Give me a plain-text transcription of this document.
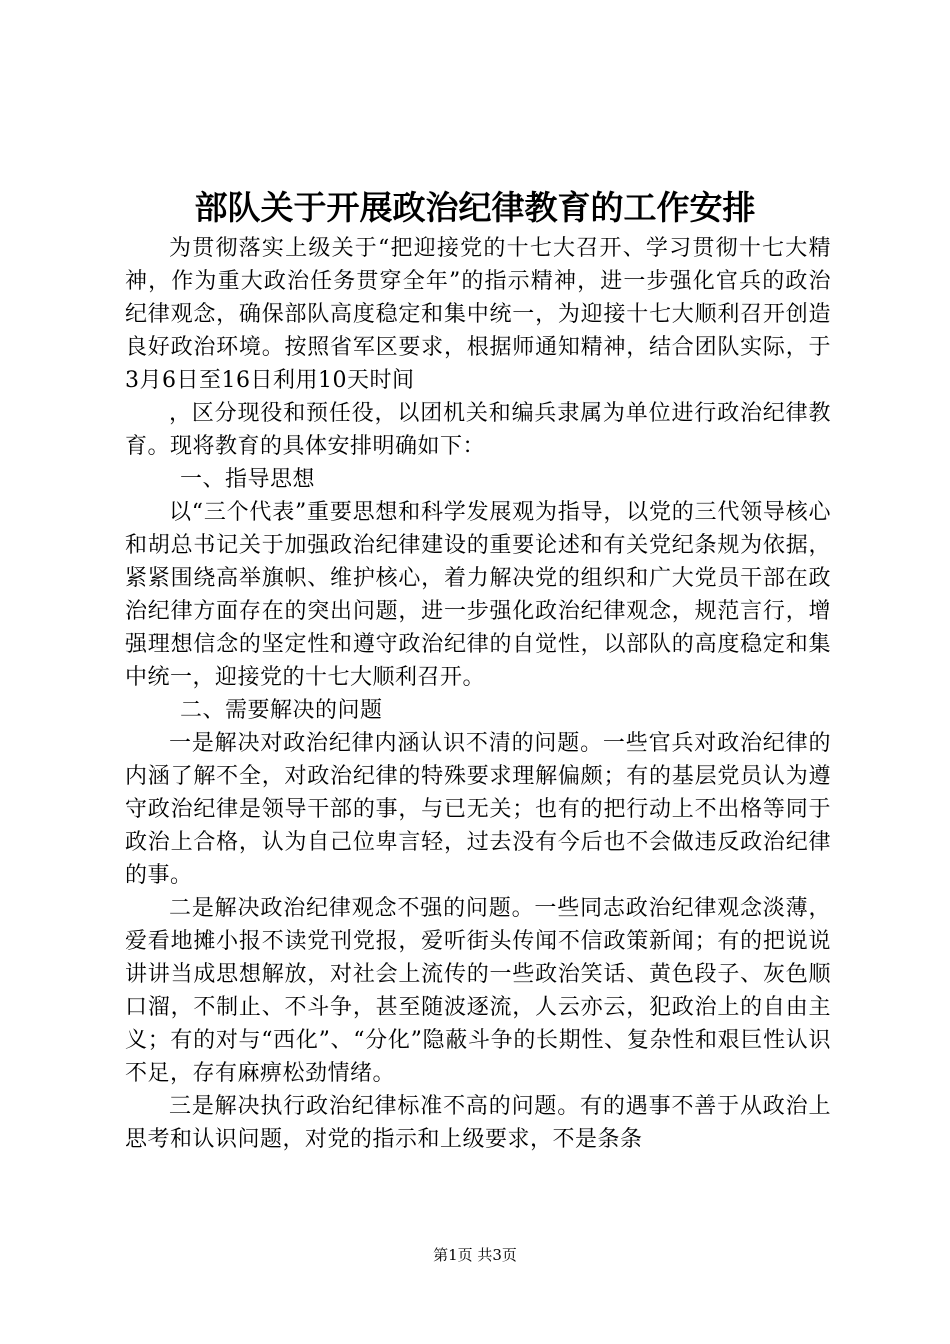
部队关于开展政治纪律教育的工作安排

为贯彻落实上级关于“把迎接党的十七大召开、学习贯彻十七大精神，作为重大政治任务贯穿全年”的指示精神，进一步强化官兵的政治纪律观念，确保部队高度稳定和集中统一，为迎接十七大顺利召开创造良好政治环境。按照省军区要求，根据师通知精神，结合团队实际，于3月6日至16日利用10天时间

，区分现役和预任役，以团机关和编兵隶属为单位进行政治纪律教育。现将教育的具体安排明确如下：

一、指导思想

以“三个代表”重要思想和科学发展观为指导，以党的三代领导核心和胡总书记关于加强政治纪律建设的重要论述和有关党纪条规为依据，紧紧围绕高举旗帜、维护核心，着力解决党的组织和广大党员干部在政治纪律方面存在的突出问题，进一步强化政治纪律观念，规范言行，增强理想信念的坚定性和遵守政治纪律的自觉性，以部队的高度稳定和集中统一，迎接党的十七大顺利召开。

二、需要解决的问题

一是解决对政治纪律内涵认识不清的问题。一些官兵对政治纪律的内涵了解不全，对政治纪律的特殊要求理解偏颇；有的基层党员认为遵守政治纪律是领导干部的事，与已无关；也有的把行动上不出格等同于政治上合格，认为自己位卑言轻，过去没有今后也不会做违反政治纪律的事。

二是解决政治纪律观念不强的问题。一些同志政治纪律观念淡薄，爱看地摊小报不读党刊党报，爱听街头传闻不信政策新闻；有的把说说讲讲当成思想解放，对社会上流传的一些政治笑话、黄色段子、灰色顺口溜，不制止、不斗争，甚至随波逐流，人云亦云，犯政治上的自由主义；有的对与“西化”、“分化”隐蔽斗争的长期性、复杂性和艰巨性认识不足，存有麻痹松劲情绪。

三是解决执行政治纪律标准不高的问题。有的遇事不善于从政治上思考和认识问题，对党的指示和上级要求，不是条条

第1页 共3页
